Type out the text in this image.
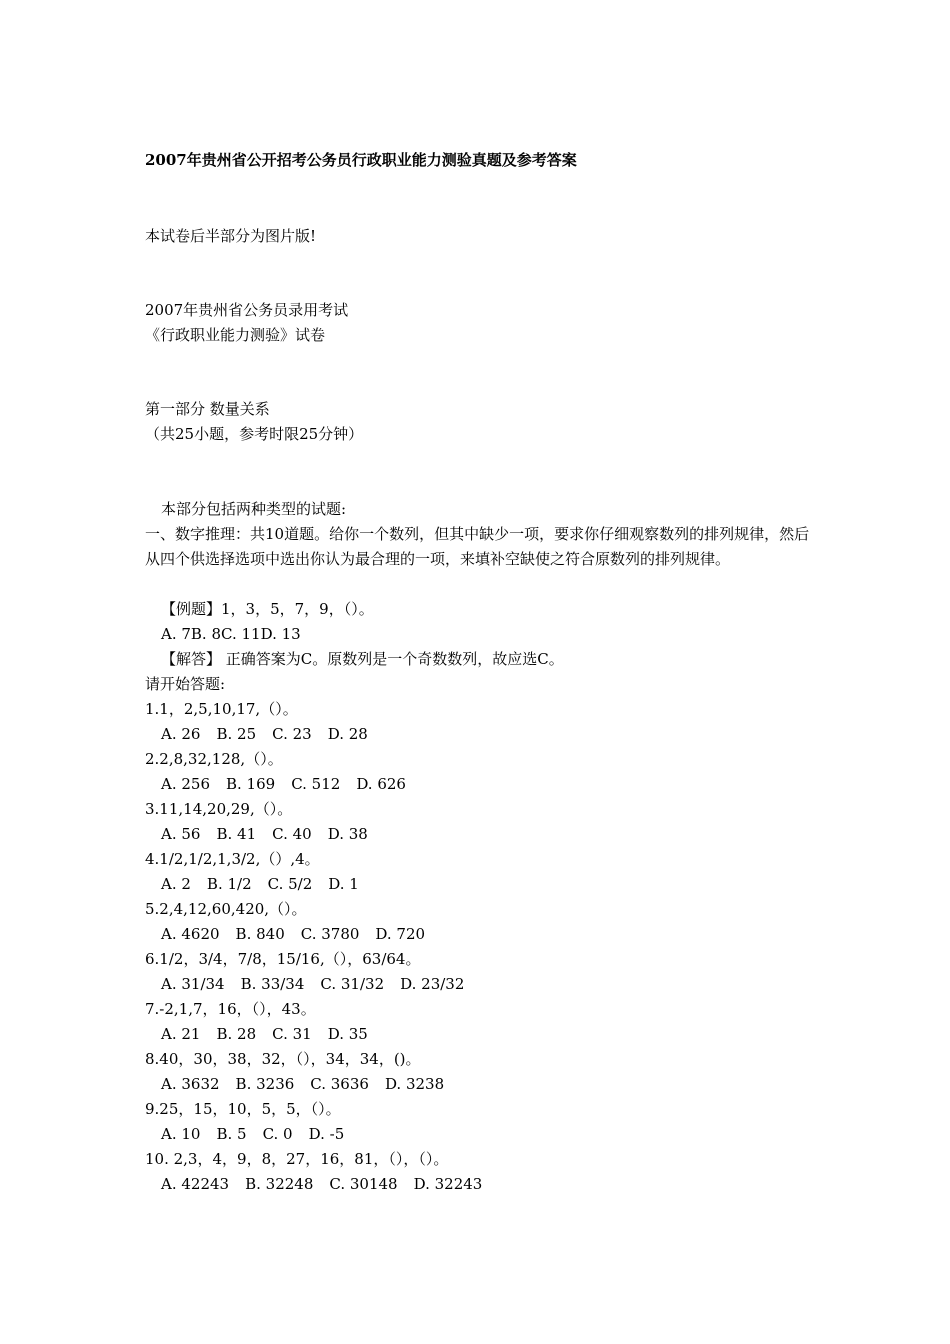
2007年贵州省公开招考公务员行政职业能力测验真题及参考答案
本试卷后半部分为图片版!
2007年贵州省公务员录用考试
《行政职业能力测验》试卷
第一部分 数量关系
（共25小题，参考时限25分钟）
本部分包括两种类型的试题:
一、数字推理：共10道题。给你一个数列，但其中缺少一项，要求你仔细观察数列的排列规律，然后从四个供选择选项中选出你认为最合理的一项，来填补空缺使之符合原数列的排列规律。
【例题】1，3，5，7，9，（）。
A. 7B. 8C. 11D. 13
【解答】 正确答案为C。原数列是一个奇数数列，故应选C。
请开始答题:
1.1，2,5,10,17,（）。
A. 26 B. 25 C. 23 D. 28
2.2,8,32,128,（）。
A. 256 B. 169 C. 512 D. 626
3.11,14,20,29,（）。
A. 56 B. 41 C. 40 D. 38
4.1/2,1/2,1,3/2,（）,4。
A. 2 B. 1/2 C. 5/2 D. 1
5.2,4,12,60,420,（）。
A. 4620 B. 840 C. 3780 D. 720
6.1/2，3/4，7/8，15/16,（），63/64。
A. 31/34 B. 33/34 C. 31/32 D. 23/32
7.-2,1,7，16，（），43。
A. 21 B. 28 C. 31 D. 35
8.40，30，38，32，（），34，34，()。
A. 3632 B. 3236 C. 3636 D. 3238
9.25，15，10，5，5，（）。
A. 10 B. 5 C. 0 D. -5
10. 2,3，4，9，8，27，16，81，（），（）。
A. 42243 B. 32248 C. 30148 D. 32243
